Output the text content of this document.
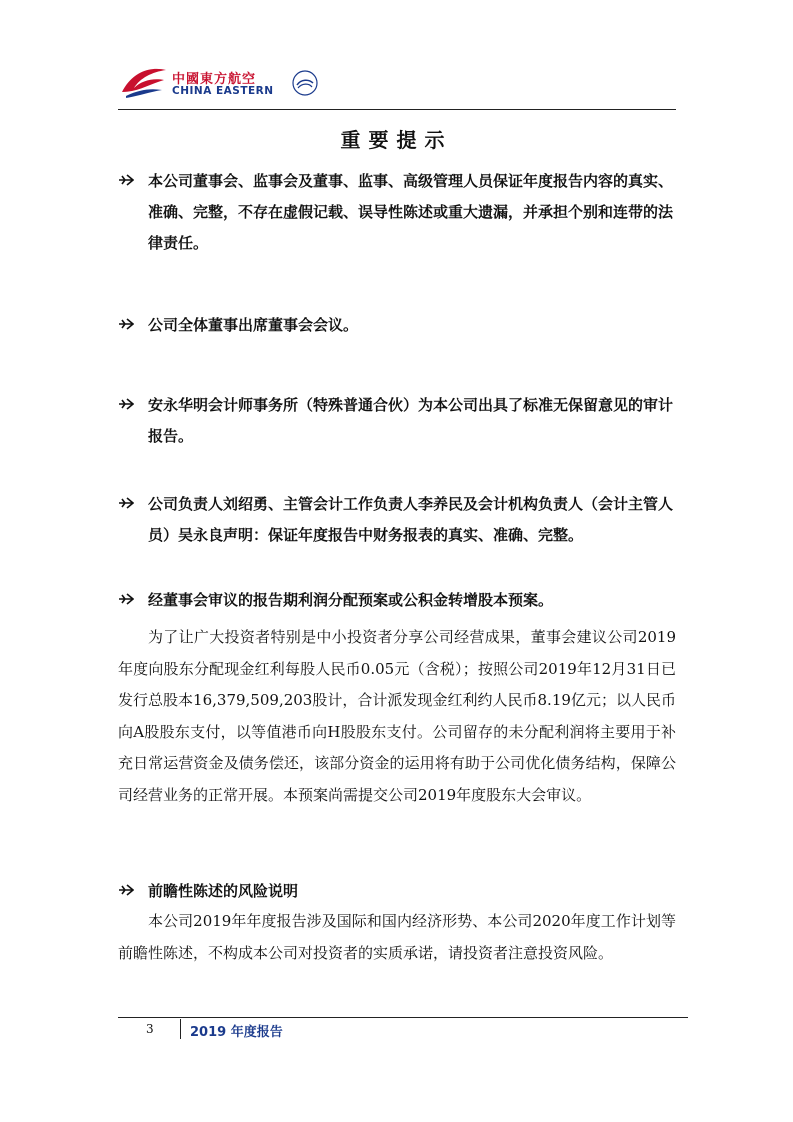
中國東方航空
CHINA EASTERN
重要提示

本公司董事会、监事会及董事、监事、高级管理人员保证年度报告内容的真实、准确、完整，不存在虚假记载、误导性陈述或重大遗漏，并承担个别和连带的法律责任。

公司全体董事出席董事会会议。

安永华明会计师事务所（特殊普通合伙）为本公司出具了标准无保留意见的审计报告。

公司负责人刘绍勇、主管会计工作负责人李养民及会计机构负责人（会计主管人员）吴永良声明：保证年度报告中财务报表的真实、准确、完整。

经董事会审议的报告期利润分配预案或公积金转增股本预案。

为了让广大投资者特别是中小投资者分享公司经营成果，董事会建议公司2019年度向股东分配现金红利每股人民币0.05元（含税）；按照公司2019年12月31日已发行总股本16,379,509,203股计，合计派发现金红利约人民币8.19亿元；以人民币向A股股东支付，以等值港币向H股股东支付。公司留存的未分配利润将主要用于补充日常运营资金及债务偿还，该部分资金的运用将有助于公司优化债务结构，保障公司经营业务的正常开展。本预案尚需提交公司2019年度股东大会审议。

前瞻性陈述的风险说明

本公司2019年年度报告涉及国际和国内经济形势、本公司2020年度工作计划等前瞻性陈述，不构成本公司对投资者的实质承诺，请投资者注意投资风险。

3	2019 年度报告
